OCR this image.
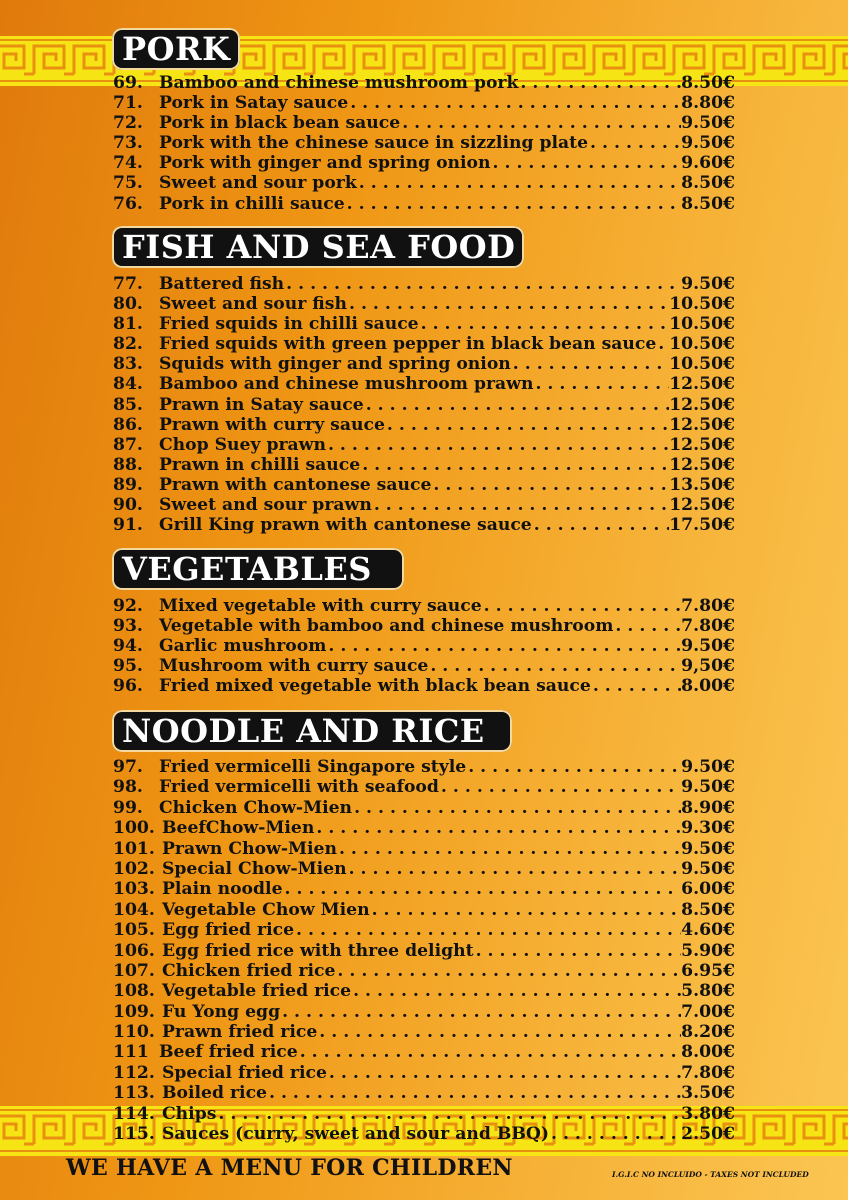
PORK
69. Bamboo and chinese mushroom pork . . .	8.50€
71. Pork in Satay sauce . . .	8.80€
72. Pork in black bean sauce . . .	9.50€
73. Pork with the chinese sauce in sizzling plate . . .	9.50€
74. Pork with ginger and spring onion . . .	9.60€
75. Sweet and sour pork . . .	8.50€
76. Pork in chilli sauce . . .	8.50€
FISH AND SEA FOOD
77. Battered fish . . .	9.50€
80. Sweet and sour fish . . .	10.50€
81. Fried squids in chilli sauce . . .	10.50€
82. Fried squids with green pepper in black bean sauce . . . 10.50€
83. Squids with ginger and spring onion . . .	10.50€
84. Bamboo and chinese mushroom prawn . . .	12.50€
85. Prawn in Satay sauce . . .	12.50€
86. Prawn with curry sauce . . .	12.50€
87. Chop Suey prawn . . .	12.50€
88. Prawn in chilli sauce . . .	12.50€
89. Prawn with cantonese sauce . . .	13.50€
90. Sweet and sour prawn . . .	12.50€
91. Grill King prawn with cantonese sauce . . .	17.50€
VEGETABLES
92. Mixed vegetable with curry sauce . . .	7.80€
93. Vegetable with bamboo and chinese mushroom . . .	7.80€
94. Garlic mushroom . . .	9.50€
95. Mushroom with curry sauce . . .	9,50€
96. Fried mixed vegetable with black bean sauce . . .	8.00€
NOODLE AND RICE
97. Fried vermicelli Singapore style . . .	9.50€
98. Fried vermicelli with seafood . . .	9.50€
99. Chicken Chow-Mien . . .	8.90€
100. BeefChow-Mien . . .	9.30€
101. Prawn Chow-Mien . . .	9.50€
102. Special Chow-Mien . . .	9.50€
103. Plain noodle . . .	6.00€
104. Vegetable Chow Mien . . .	8.50€
105. Egg fried rice . . .	4.60€
106. Egg fried rice with three delight . . .	5.90€
107. Chicken fried rice . . .	6.95€
108. Vegetable fried rice . . .	5.80€
109. Fu Yong egg . . .	7.00€
110. Prawn fried rice . . .	8.20€
111 Beef fried rice . . .	8.00€
112. Special fried rice . . .	7.80€
113. Boiled rice . . .	3.50€
114. Chips . . .	3.80€
115. Sauces (curry, sweet and sour and BBQ) . . .	2.50€
WE HAVE A MENU FOR CHILDREN	I.G.I.C NO INCLUIDO - TAXES NOT INCLUDED
